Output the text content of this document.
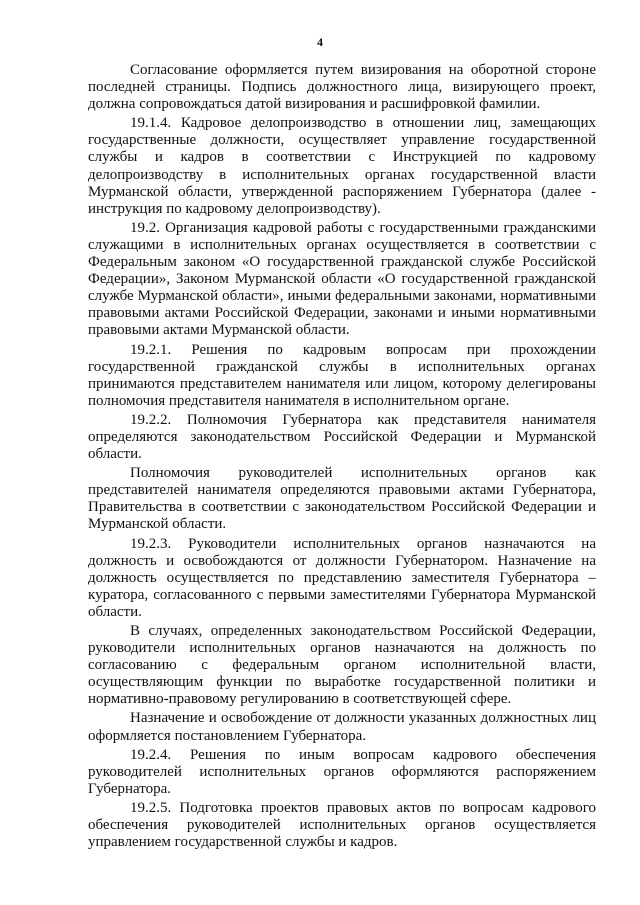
4

Согласование оформляется путем визирования на оборотной стороне последней страницы. Подпись должностного лица, визирующего проект, должна сопровождаться датой визирования и расшифровкой фамилии.

19.1.4. Кадровое делопроизводство в отношении лиц, замещающих государственные должности, осуществляет управление государственной службы и кадров в соответствии с Инструкцией по кадровому делопроизводству в исполнительных органах государственной власти Мурманской области, утвержденной распоряжением Губернатора (далее - инструкция по кадровому делопроизводству).

19.2. Организация кадровой работы с государственными гражданскими служащими в исполнительных органах осуществляется в соответствии с Федеральным законом «О государственной гражданской службе Российской Федерации», Законом Мурманской области «О государственной гражданской службе Мурманской области», иными федеральными законами, нормативными правовыми актами Российской Федерации, законами и иными нормативными правовыми актами Мурманской области.

19.2.1. Решения по кадровым вопросам при прохождении государственной гражданской службы в исполнительных органах принимаются представителем нанимателя или лицом, которому делегированы полномочия представителя нанимателя в исполнительном органе.

19.2.2. Полномочия Губернатора как представителя нанимателя определяются законодательством Российской Федерации и Мурманской области.

Полномочия руководителей исполнительных органов как представителей нанимателя определяются правовыми актами Губернатора, Правительства в соответствии с законодательством Российской Федерации и Мурманской области.

19.2.3. Руководители исполнительных органов назначаются на должность и освобождаются от должности Губернатором. Назначение на должность осуществляется по представлению заместителя Губернатора – куратора, согласованного с первыми заместителями Губернатора Мурманской области.

В случаях, определенных законодательством Российской Федерации, руководители исполнительных органов назначаются на должность по согласованию с федеральным органом исполнительной власти, осуществляющим функции по выработке государственной политики и нормативно-правовому регулированию в соответствующей сфере.

Назначение и освобождение от должности указанных должностных лиц оформляется постановлением Губернатора.

19.2.4. Решения по иным вопросам кадрового обеспечения руководителей исполнительных органов оформляются распоряжением Губернатора.

19.2.5. Подготовка проектов правовых актов по вопросам кадрового обеспечения руководителей исполнительных органов осуществляется управлением государственной службы и кадров.
